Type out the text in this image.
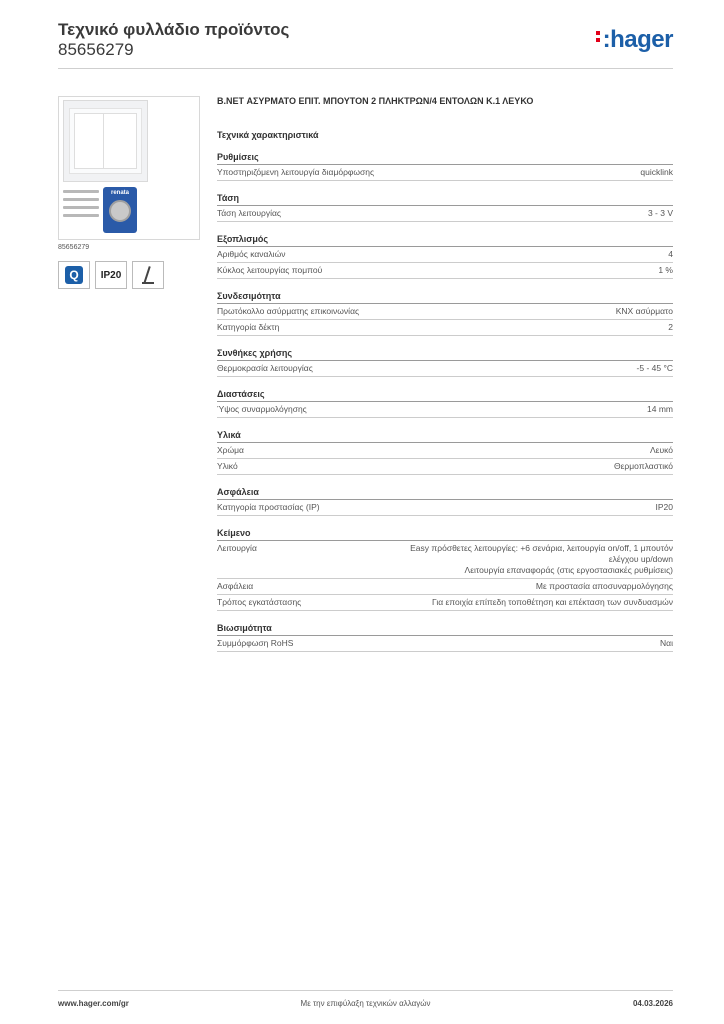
Τεχνικό φυλλάδιο προϊόντος
85656279	:hager
renata
85656279
Q	IP20
B.NET ΑΣΥΡΜΑΤΟ ΕΠΙΤ. ΜΠΟΥΤΟΝ 2 ΠΛΗΚΤΡΩΝ/4 ΕΝΤΟΛΩΝ Κ.1 ΛΕΥΚΟ
Τεχνικά χαρακτηριστικά
Ρυθμίσεις
Υποστηριζόμενη λειτουργία διαμόρφωσης	quicklink
Τάση
Τάση λειτουργίας	3 - 3 V
Εξοπλισμός
Αριθμός καναλιών	4
Κύκλος λειτουργίας πομπού	1 %
Συνδεσιμότητα
Πρωτόκολλο ασύρματης επικοινωνίας	KNX ασύρματο
Κατηγορία δέκτη	2
Συνθήκες χρήσης
Θερμοκρασία λειτουργίας	-5 - 45 °C
Διαστάσεις
Ύψος συναρμολόγησης	14 mm
Υλικά
Χρώμα	Λευκό
Υλικό	Θερμοπλαστικό
Ασφάλεια
Κατηγορία προστασίας (IP)	IP20
Κείμενο
Λειτουργία	Easy πρόσθετες λειτουργίες: +6 σενάρια, λειτουργία on/off, 1 μπουτόν ελέγχου up/down
Λειτουργία επαναφοράς (στις εργοστασιακές ρυθμίσεις)
Ασφάλεια	Με προστασία αποσυναρμολόγησης
Τρόπος εγκατάστασης	Για εποιχία επίπεδη τοποθέτηση και επέκταση των συνδυασμών
Βιωσιμότητα
Συμμόρφωση RoHS	Ναι
www.hager.com/gr	Με την επιφύλαξη τεχνικών αλλαγών	04.03.2026
